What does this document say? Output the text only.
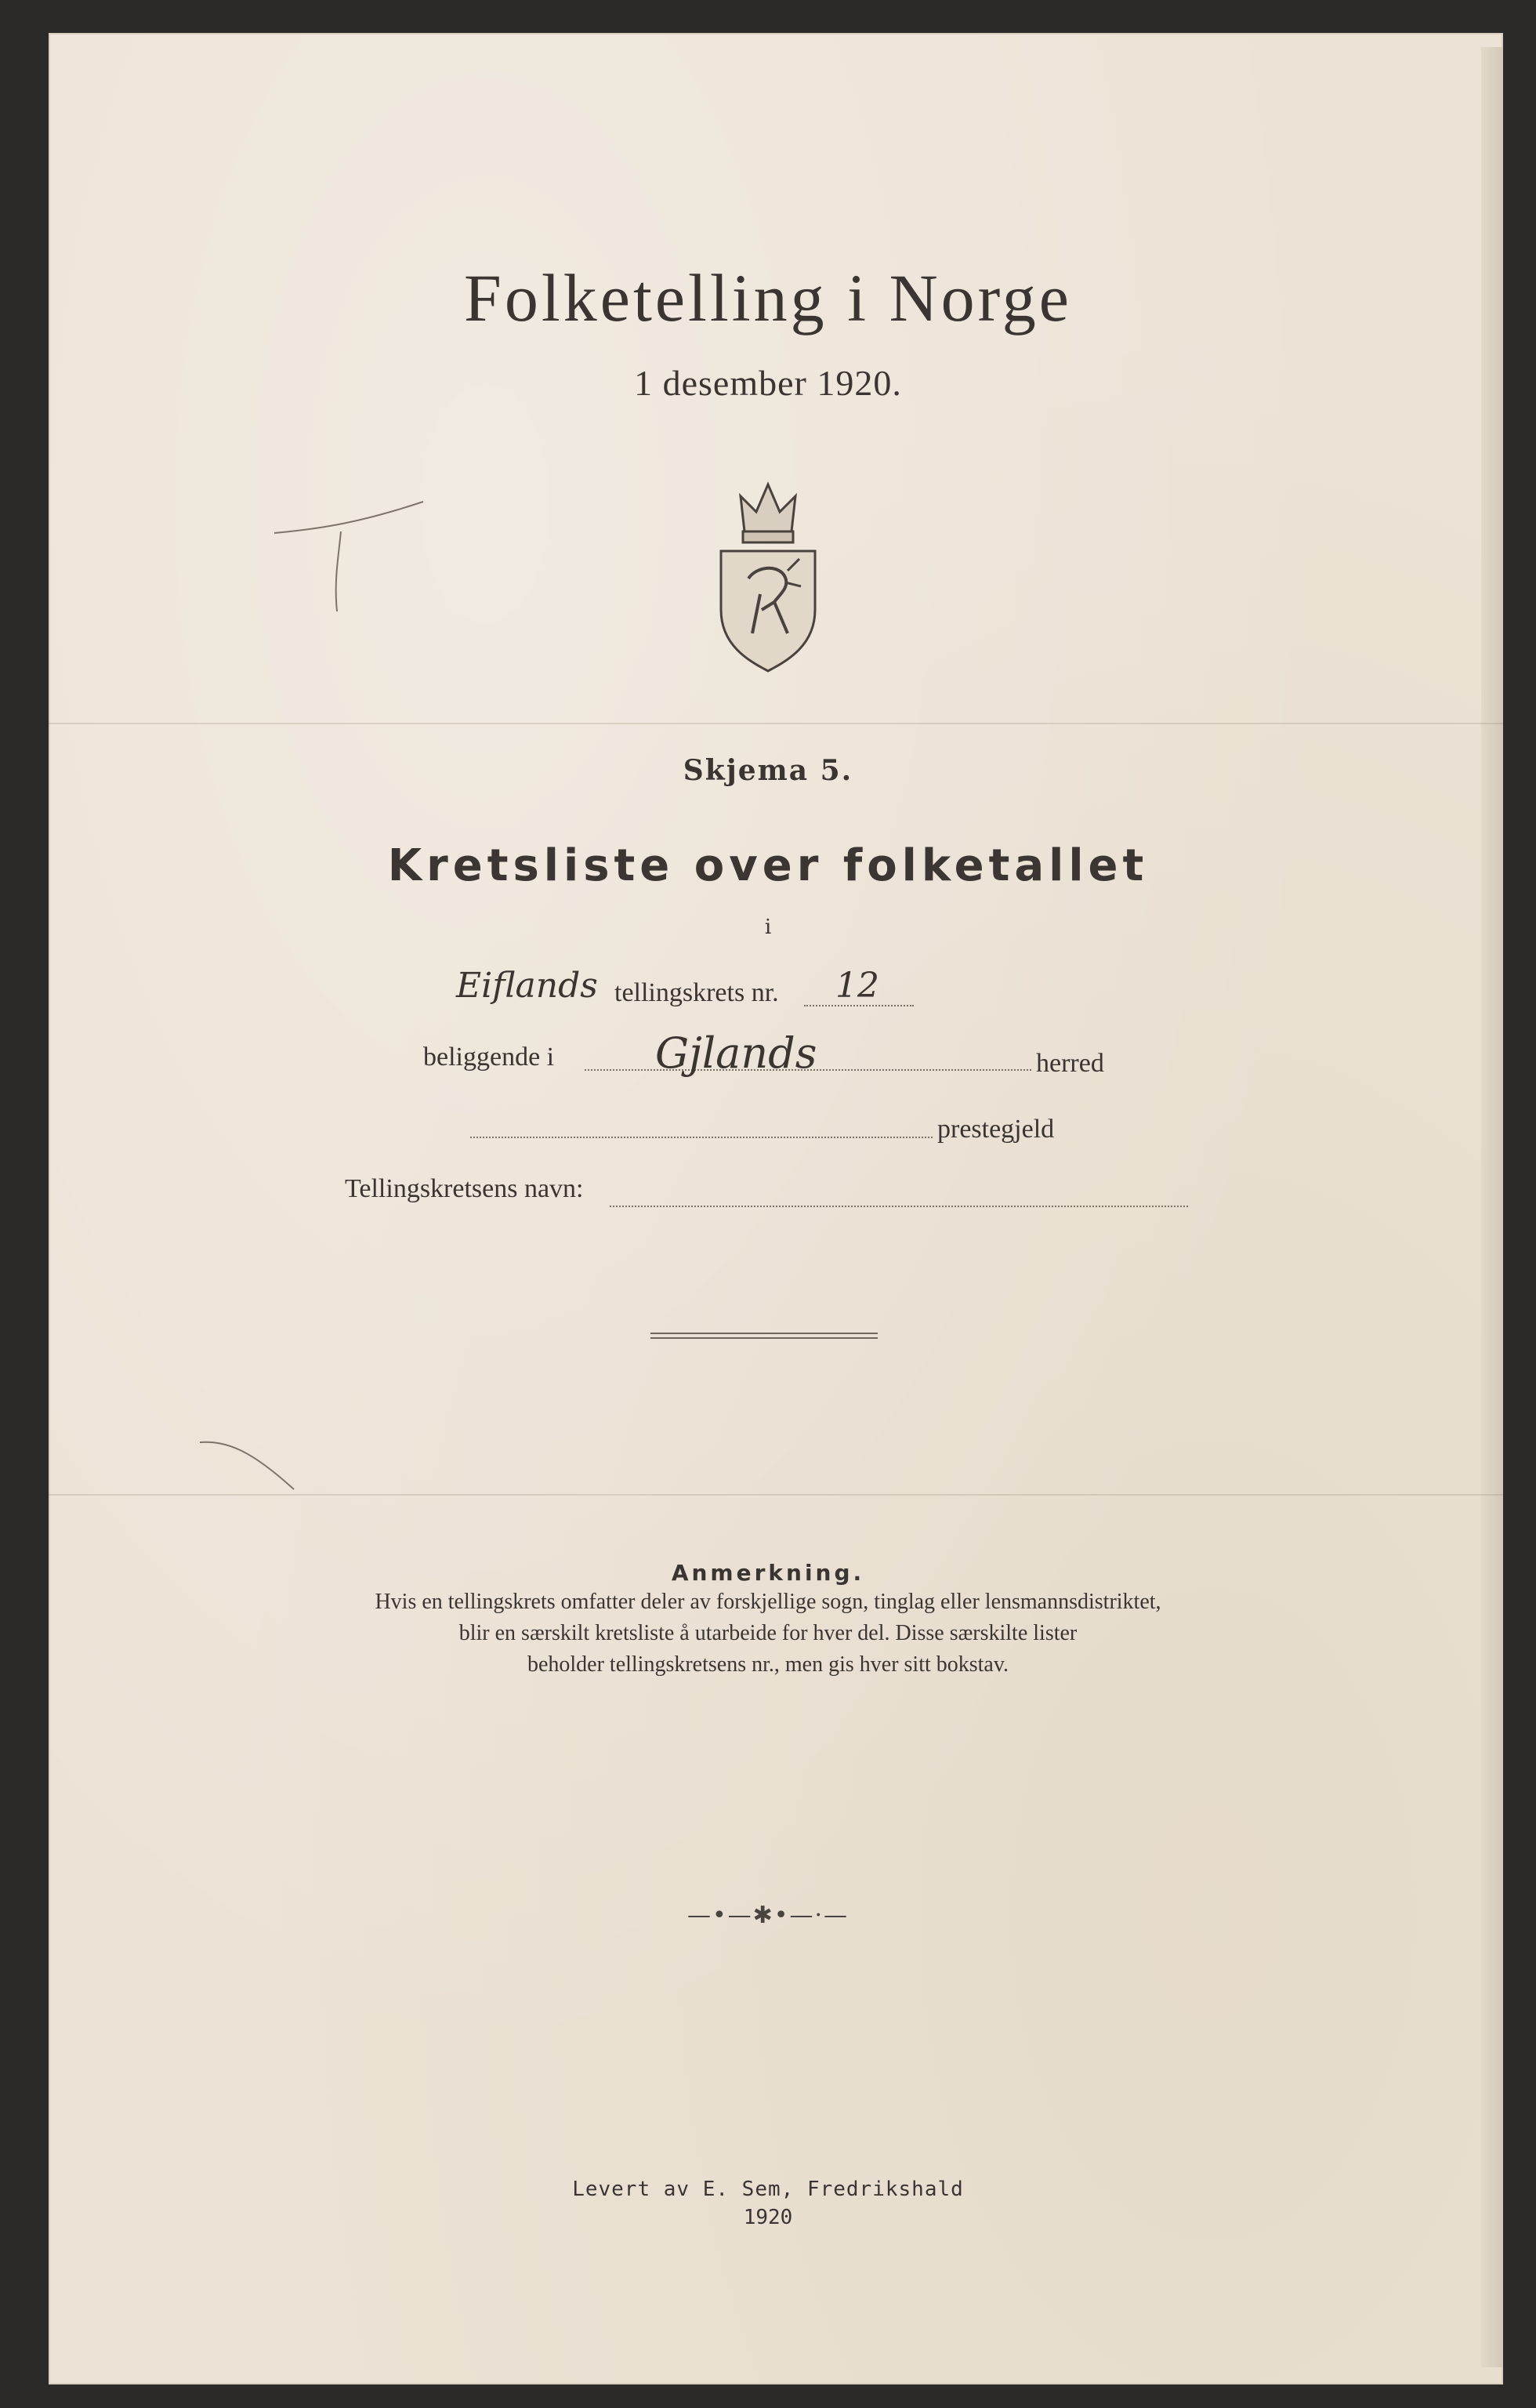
Folketelling i Norge
1 desember 1920.
Skjema 5.
Kretsliste over folketallet
i
Eiflands tellingskrets nr. 12
beliggende i Gjlands	herred
prestegjeld
Tellingskretsens navn:
Anmerkning.
Hvis en tellingskrets omfatter deler av forskjellige sogn, tinglag eller lensmannsdistriktet,
blir en særskilt kretsliste å utarbeide for hver del. Disse særskilte lister
beholder tellingskretsens nr., men gis hver sitt bokstav.
—•—✱•—·—
Levert av E. Sem, Fredrikshald
1920
